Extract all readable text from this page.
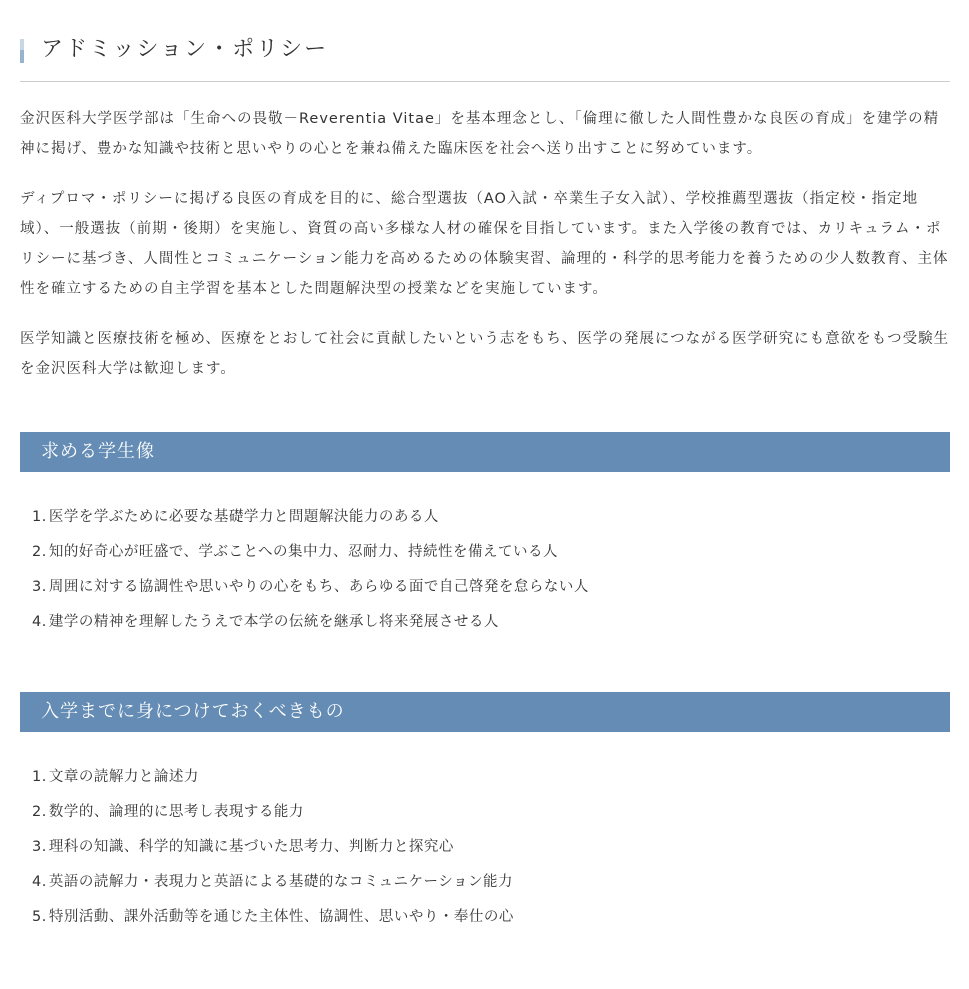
アドミッション・ポリシー

金沢医科大学医学部は「生命への畏敬－Reverentia Vitae」を基本理念とし、「倫理に徹した人間性豊かな良医の育成」を建学の精神に掲げ、豊かな知識や技術と思いやりの心とを兼ね備えた臨床医を社会へ送り出すことに努めています。

ディプロマ・ポリシーに掲げる良医の育成を目的に、総合型選抜（AO入試・卒業生子女入試）、学校推薦型選抜（指定校・指定地域）、一般選抜（前期・後期）を実施し、資質の高い多様な人材の確保を目指しています。また入学後の教育では、カリキュラム・ポリシーに基づき、人間性とコミュニケーション能力を高めるための体験実習、論理的・科学的思考能力を養うための少人数教育、主体性を確立するための自主学習を基本とした問題解決型の授業などを実施しています。

医学知識と医療技術を極め、医療をとおして社会に貢献したいという志をもち、医学の発展につながる医学研究にも意欲をもつ受験生を金沢医科大学は歓迎します。

求める学生像
1. 医学を学ぶために必要な基礎学力と問題解決能力のある人
2. 知的好奇心が旺盛で、学ぶことへの集中力、忍耐力、持続性を備えている人
3. 周囲に対する協調性や思いやりの心をもち、あらゆる面で自己啓発を怠らない人
4. 建学の精神を理解したうえで本学の伝統を継承し将来発展させる人
入学までに身につけておくべきもの
1. 文章の読解力と論述力
2. 数学的、論理的に思考し表現する能力
3. 理科の知識、科学的知識に基づいた思考力、判断力と探究心
4. 英語の読解力・表現力と英語による基礎的なコミュニケーション能力
5. 特別活動、課外活動等を通じた主体性、協調性、思いやり・奉仕の心
